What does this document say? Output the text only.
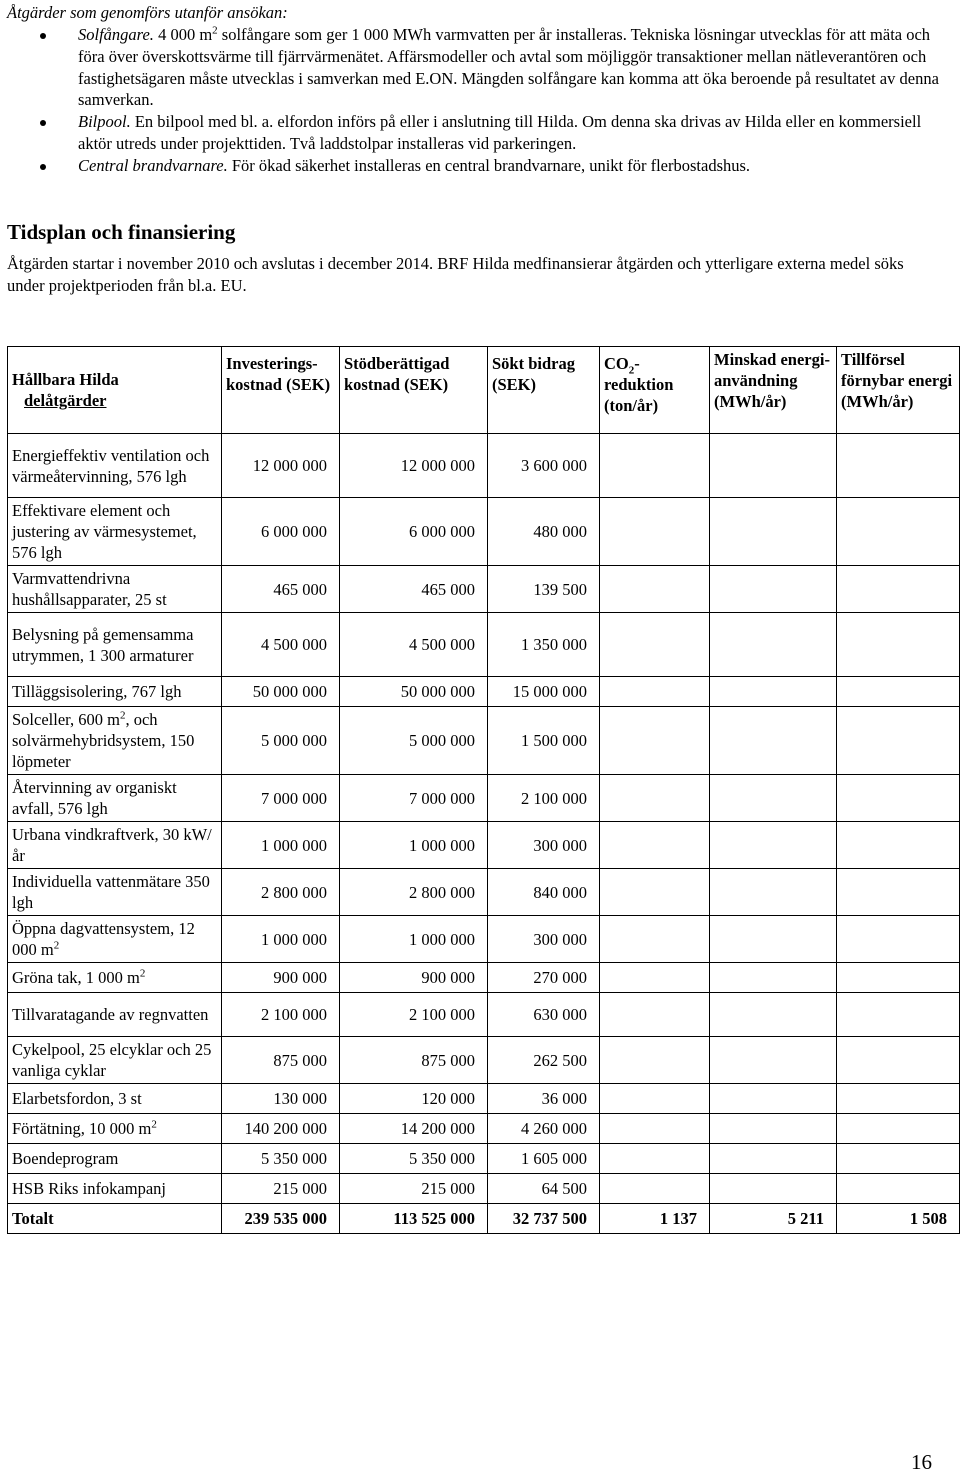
Åtgärder som genomförs utanför ansökan:
Solfångare. 4 000 $m^2$ solfångare som ger 1 000 MWh varmvatten per år installeras. Tekniska lösningar utvecklas för att mäta och föra över överskottsvärme till fjärrvärmenätet. Affärsmodeller och avtal som möjliggör transaktioner mellan nätleverantören och fastighetsägaren måste utvecklas i samverkan med E.ON. Mängden solfångare kan komma att öka beroende på resultatet av denna samverkan.
Bilpool. En bilpool med bl. a. elfordon införs på eller i anslutning till Hilda. Om denna ska drivas av Hilda eller en kommersiell aktör utreds under projekttiden. Två laddstolpar installeras vid parkeringen.
Central brandvarnare. För ökad säkerhet installeras en central brandvarnare, unikt för flerbostadshus.
Tidsplan och finansiering

Åtgärden startar i november 2010 och avslutas i december 2014. BRF Hilda medfinansierar åtgärden och ytterligare externa medel söks under projektperioden från bl.a. EU.

Hållbara Hilda
delåtgärder	Investerings-kostnad (SEK)	Stödberättigad kostnad (SEK)	Sökt bidrag (SEK)	$CO_2$-reduktion (ton/år)	Minskad energi-användning (MWh/år)	Tillförsel förnybar energi (MWh/år)
Energieffektiv ventilation och värmeåtervinning, 576 lgh	12 000 000	12 000 000	3 600 000			
Effektivare element och justering av värmesystemet, 576 lgh	6 000 000	6 000 000	480 000			
Varmvattendrivna hushållsapparater, 25 st	465 000	465 000	139 500			
Belysning på gemensamma utrymmen, 1 300 armaturer	4 500 000	4 500 000	1 350 000			
Tilläggsisolering, 767 lgh	50 000 000	50 000 000	15 000 000			
Solceller, 600 $m^2$, och solvärmehybridsystem, 150 löpmeter	5 000 000	5 000 000	1 500 000			
Återvinning av organiskt avfall, 576 lgh	7 000 000	7 000 000	2 100 000			
Urbana vindkraftverk, 30 kW/år	1 000 000	1 000 000	300 000			
Individuella vattenmätare 350 lgh	2 800 000	2 800 000	840 000			
Öppna dagvattensystem, 12 000 $m^2$	1 000 000	1 000 000	300 000			
Gröna tak, 1 000 $m^2$	900 000	900 000	270 000			
Tillvaratagande av regnvatten	2 100 000	2 100 000	630 000			
Cykelpool, 25 elcyklar och 25 vanliga cyklar	875 000	875 000	262 500			
Elarbetsfordon, 3 st	130 000	120 000	36 000			
Förtätning, 10 000 $m^2$	140 200 000	14 200 000	4 260 000			
Boendeprogram	5 350 000	5 350 000	1 605 000			
HSB Riks infokampanj	215 000	215 000	64 500			
Totalt	239 535 000	113 525 000	32 737 500	1 137	5 211	1 508
16
